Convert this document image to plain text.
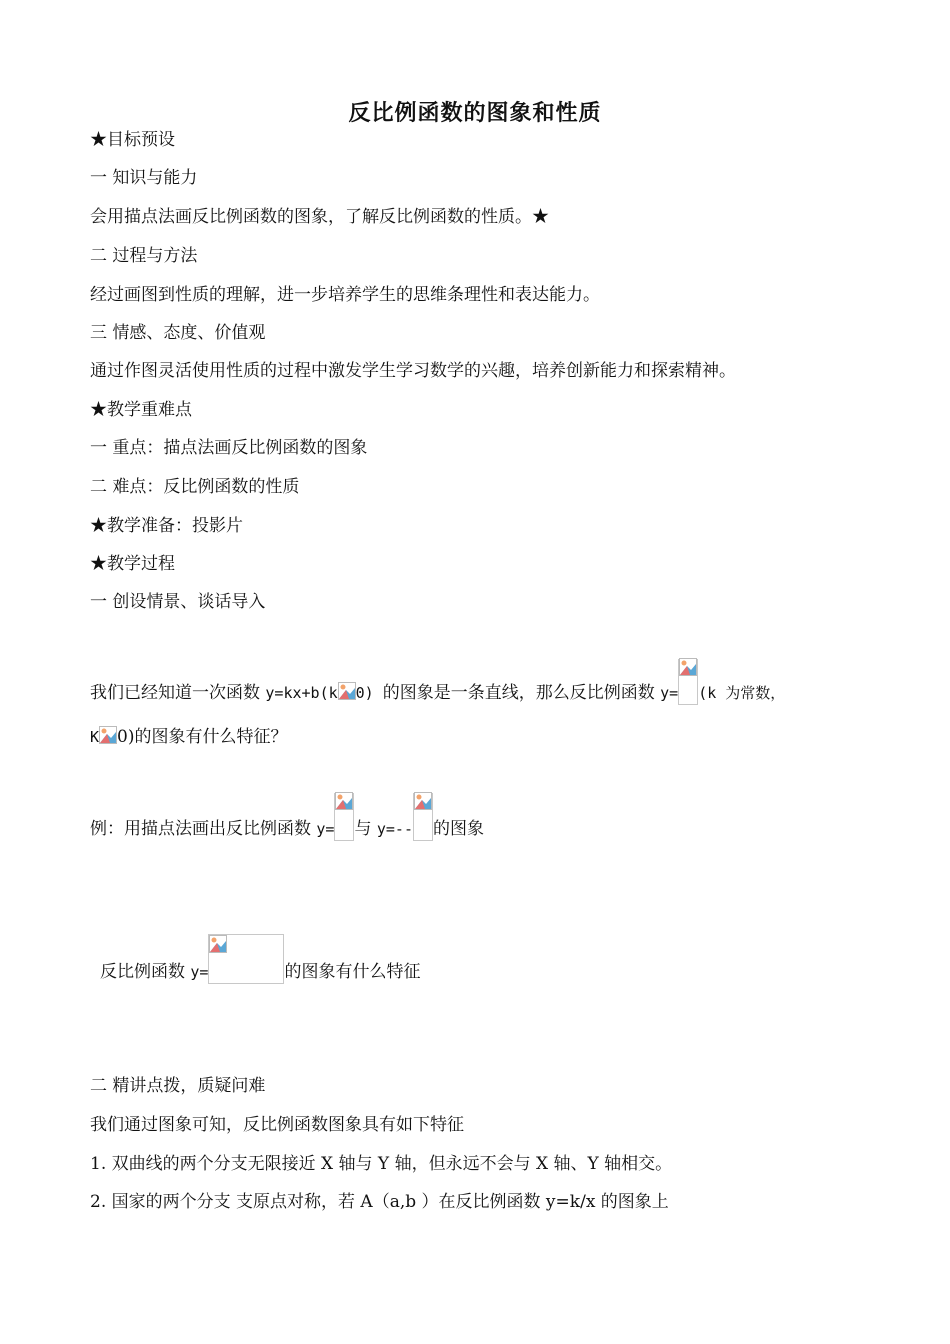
反比例函数的图象和性质
★目标预设
一 知识与能力
会用描点法画反比例函数的图象，了解反比例函数的性质。★
二 过程与方法
经过画图到性质的理解，进一步培养学生的思维条理性和表达能力。
三 情感、态度、价值观
通过作图灵活使用性质的过程中激发学生学习数学的兴趣，培养创新能力和探索精神。
★教学重难点
一 重点：描点法画反比例函数的图象
二 难点：反比例函数的性质
★教学准备：投影片
★教学过程
一 创设情景、谈话导入
我们已经知道一次函数 y=kx+b(k 0) 的图象是一条直线，那么反比例函数 y= (k 为常数，
K 0)的图象有什么特征？
例：用描点法画出反比例函数 y= 与 y=-- 的图象
反比例函数 y=	的图象有什么特征
二 精讲点拨，质疑问难
我们通过图象可知，反比例函数图象具有如下特征
1. 双曲线的两个分支无限接近 X 轴与 Y 轴，但永远不会与 X 轴、Y 轴相交。
2. 国家的两个分支 支原点对称，若 A（a,b ）在反比例函数 y=k/x 的图象上
